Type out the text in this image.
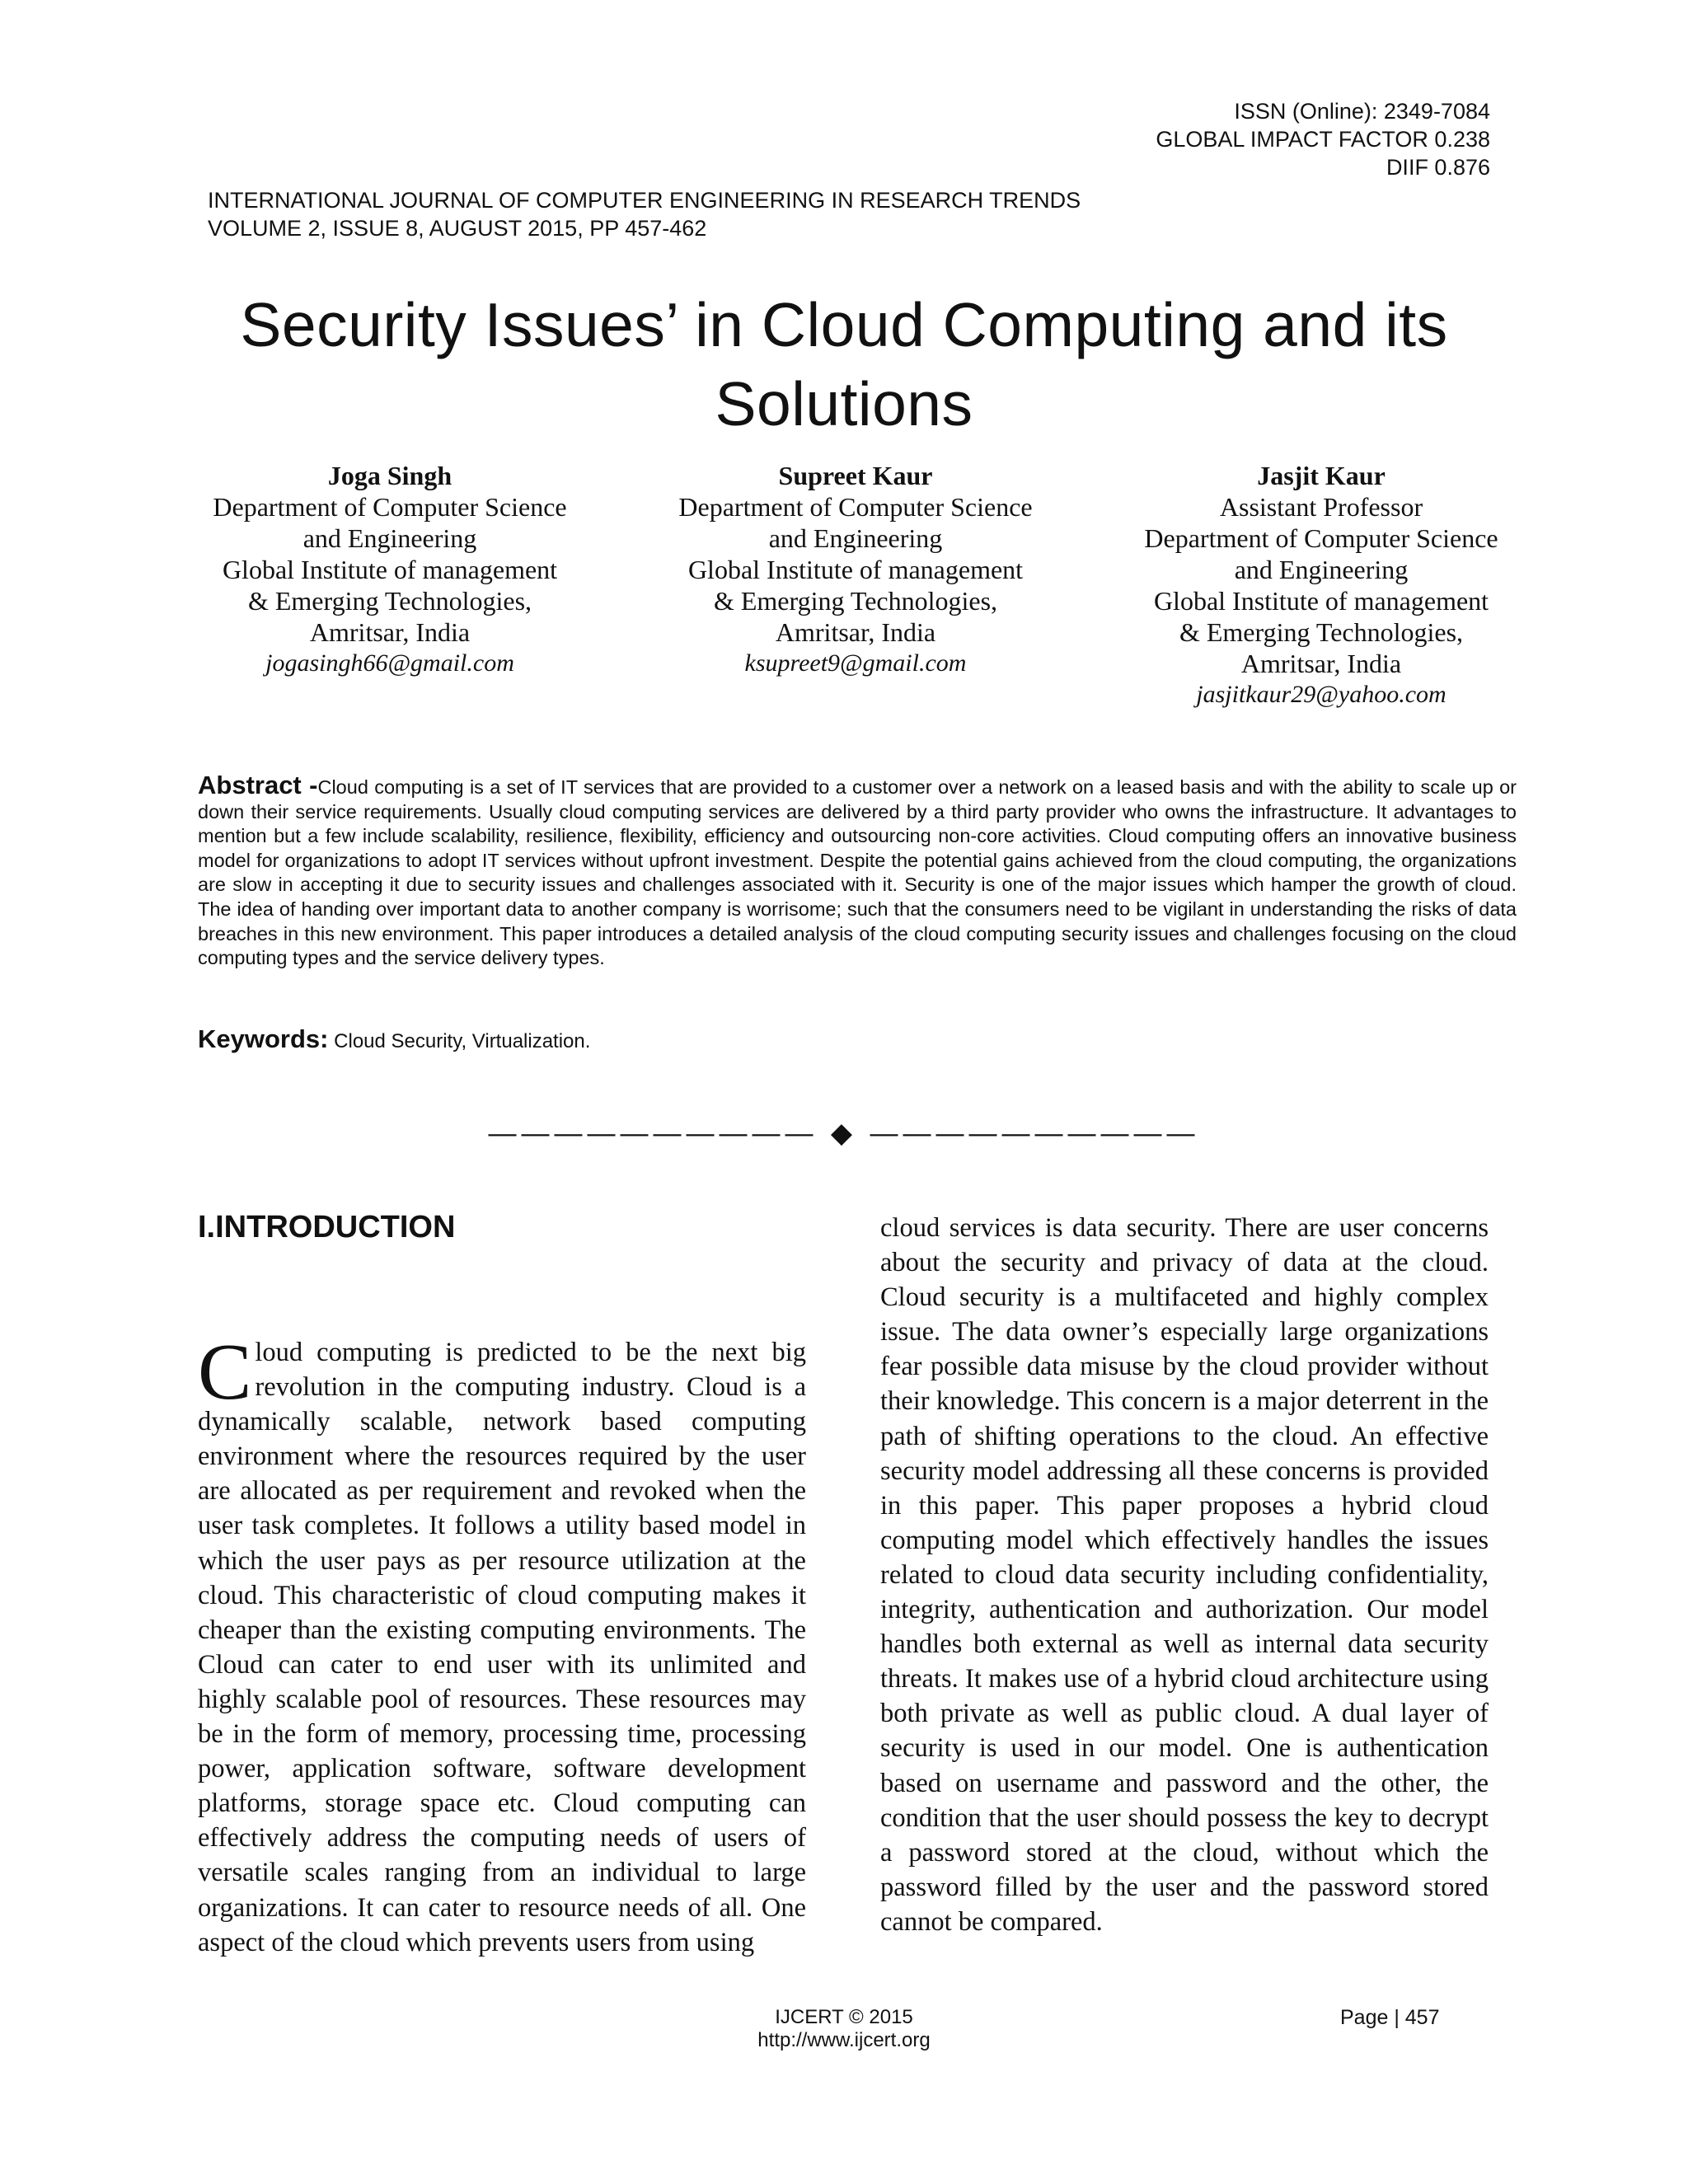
ISSN (Online): 2349-7084
GLOBAL IMPACT FACTOR 0.238
DIIF 0.876
INTERNATIONAL JOURNAL OF COMPUTER ENGINEERING IN RESEARCH TRENDS
VOLUME 2, ISSUE 8, AUGUST 2015, PP 457-462
Security Issues’ in Cloud Computing and its
Solutions
Joga Singh
Department of Computer Science
and Engineering
Global Institute of management
& Emerging Technologies,
Amritsar, India
jogasingh66@gmail.com
Supreet Kaur
Department of Computer Science
and Engineering
Global Institute of management
& Emerging Technologies,
Amritsar, India
ksupreet9@gmail.com
Jasjit Kaur
Assistant Professor
Department of Computer Science
and Engineering
Global Institute of management
& Emerging Technologies,
Amritsar, India
jasjitkaur29@yahoo.com
Abstract -Cloud computing is a set of IT services that are provided to a customer over a network on a leased basis and with the ability to scale up or down their service requirements. Usually cloud computing services are delivered by a third party provider who owns the infrastructure. It advantages to mention but a few include scalability, resilience, flexibility, efficiency and outsourcing non-core activities. Cloud computing offers an innovative business model for organizations to adopt IT services without upfront investment. Despite the potential gains achieved from the cloud computing, the organizations are slow in accepting it due to security issues and challenges associated with it. Security is one of the major issues which hamper the growth of cloud. The idea of handing over important data to another company is worrisome; such that the consumers need to be vigilant in understanding the risks of data breaches in this new environment. This paper introduces a detailed analysis of the cloud computing security issues and challenges focusing on the cloud computing types and the service delivery types.
Keywords: Cloud Security, Virtualization.
—————————— ◆ ——————————
I.INTRODUCTION
Cloud computing is predicted to be the next big revolution in the computing industry. Cloud is a dynamically scalable, network based computing environment where the resources required by the user are allocated as per requirement and revoked when the user task completes. It follows a utility based model in which the user pays as per resource utilization at the cloud. This characteristic of cloud computing makes it cheaper than the existing computing environments. The Cloud can cater to end user with its unlimited and highly scalable pool of resources. These resources may be in the form of memory, processing time, processing power, application software, software development platforms, storage space etc. Cloud computing can effectively address the computing needs of users of versatile scales ranging from an individual to large organizations. It can cater to resource needs of all. One aspect of the cloud which prevents users from using
cloud services is data security. There are user concerns about the security and privacy of data at the cloud. Cloud security is a multifaceted and highly complex issue. The data owner’s especially large organizations fear possible data misuse by the cloud provider without their knowledge. This concern is a major deterrent in the path of shifting operations to the cloud. An effective security model addressing all these concerns is provided in this paper. This paper proposes a hybrid cloud computing model which effectively handles the issues related to cloud data security including confidentiality, integrity, authentication and authorization. Our model handles both external as well as internal data security threats. It makes use of a hybrid cloud architecture using both private as well as public cloud. A dual layer of security is used in our model. One is authentication based on username and password and the other, the condition that the user should possess the key to decrypt a password stored at the cloud, without which the password filled by the user and the password stored cannot be compared.
IJCERT © 2015
http://www.ijcert.org
Page | 457
